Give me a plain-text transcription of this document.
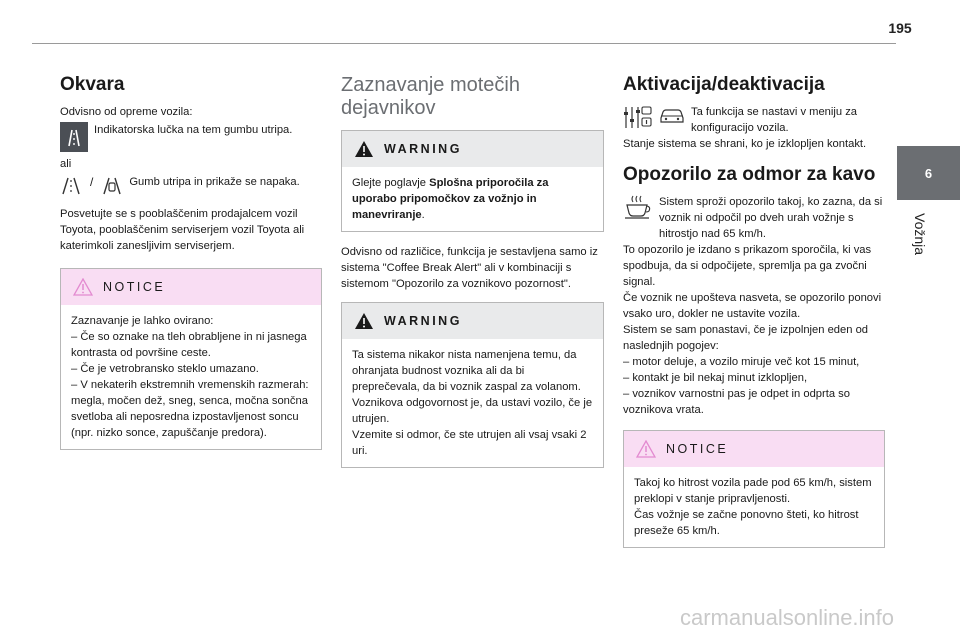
195
6
Vožnja
Okvara

Odvisno od opreme vozila:

Indikatorska lučka na tem gumbu utripa.

ali

/	Gumb utripa in prikaže se napaka.

Posvetujte se s pooblaščenim prodajalcem vozil Toyota, pooblaščenim serviserjem vozil Toyota ali katerimkoli zanesljivim serviserjem.

NOTICE
Zaznavanje je lahko ovirano:
– Če so oznake na tleh obrabljene in ni jasnega kontrasta od površine ceste.
– Če je vetrobransko steklo umazano.
– V nekaterih ekstremnih vremenskih razmerah: megla, močen dež, sneg, senca, močna sončna svetloba ali neposredna izpostavljenost soncu (npr. nizko sonce, zapuščanje predora).
Zaznavanje motečih dejavnikov
WARNING
Glejte poglavje Splošna priporočila za uporabo pripomočkov za vožnjo in manevriranje.

Odvisno od različice, funkcija je sestavljena samo iz sistema "Coffee Break Alert" ali v kombinaciji s sistemom "Opozorilo za voznikovo pozornost".

WARNING
Ta sistema nikakor nista namenjena temu, da ohranjata budnost voznika ali da bi preprečevala, da bi voznik zaspal za volanom.
Voznikova odgovornost je, da ustavi vozilo, če je utrujen.
Vzemite si odmor, če ste utrujen ali vsaj vsaki 2 uri.
Aktivacija/deaktivacija
Ta funkcija se nastavi v meniju za konfiguracijo vozila.

Stanje sistema se shrani, ko je izklopljen kontakt.

Opozorilo za odmor za kavo
Sistem sproži opozorilo takoj, ko zazna, da si voznik ni odpočil po dveh urah vožnje s hitrostjo nad 65 km/h.
To opozorilo je izdano s prikazom sporočila, ki vas spodbuja, da si odpočijete, spremlja pa ga zvočni signal.
Če voznik ne upošteva nasveta, se opozorilo ponovi vsako uro, dokler ne ustavite vozila.
Sistem se sam ponastavi, če je izpolnjen eden od naslednjih pogojev:
– motor deluje, a vozilo miruje več kot 15 minut,
– kontakt je bil nekaj minut izklopljen,
– voznikov varnostni pas je odpet in odprta so voznikova vrata.
NOTICE
Takoj ko hitrost vozila pade pod 65 km/h, sistem preklopi v stanje pripravljenosti.
Čas vožnje se začne ponovno šteti, ko hitrost preseže 65 km/h.
carmanualsonline.info
